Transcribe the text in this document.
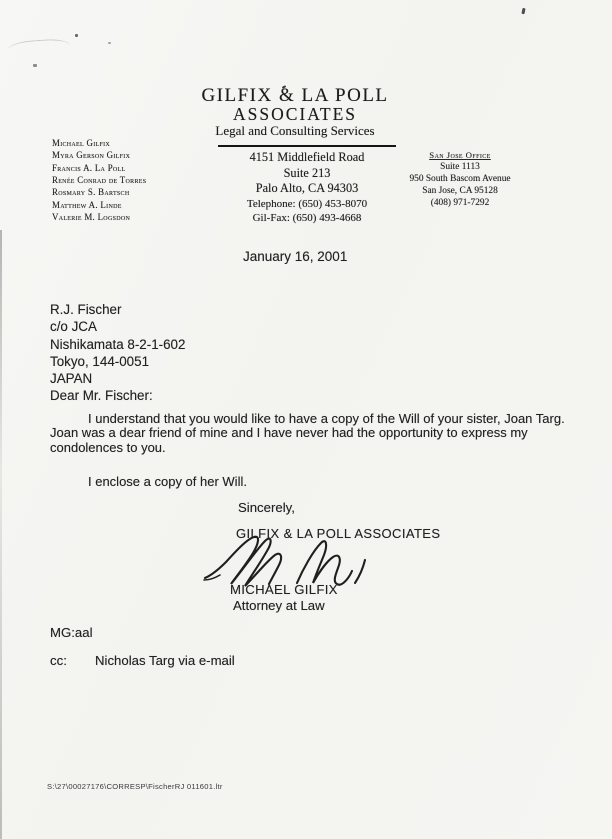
GILFIX & LA POLL
ASSOCIATES
Legal and Consulting Services
Michael Gilfix
Myra Gerson Gilfix
Francis A. La Poll
Renée Conrad de Torres
Rosmary S. Bartsch
Matthew A. Linde
Valerie M. Logsdon
4151 Middlefield Road
Suite 213
Palo Alto, CA 94303
Telephone: (650) 453-8070
Gil-Fax: (650) 493-4668
San Jose Office
Suite 1113
950 South Bascom Avenue
San Jose, CA 95128
(408) 971-7292
January 16, 2001
R.J. Fischer
c/o JCA
Nishikamata 8-2-1-602
Tokyo, 144-0051
JAPAN
Dear Mr. Fischer:
I understand that you would like to have a copy of the Will of your sister, Joan Targ.  Joan was a dear friend of mine and I have never had the opportunity to express my condolences to you.
I enclose a copy of her Will.
Sincerely,
GILFIX & LA POLL ASSOCIATES
MICHAEL GILFIX
Attorney at Law
MG:aal
cc: Nicholas Targ via e-mail
S:\27\00027176\CORRESP\FischerRJ 011601.ltr
